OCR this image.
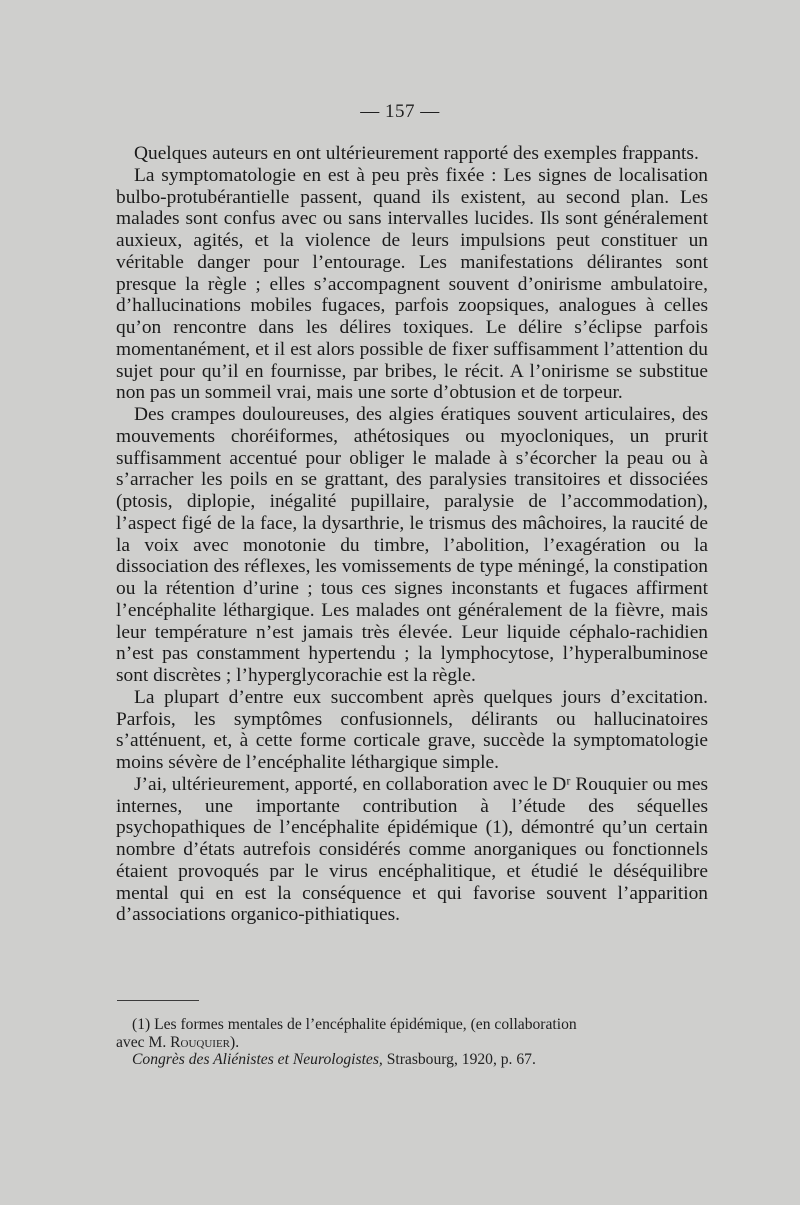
— 157 —

Quelques auteurs en ont ultérieurement rapporté des exemples frappants.

La symptomatologie en est à peu près fixée : Les signes de localisation bulbo-protubérantielle passent, quand ils existent, au second plan. Les malades sont confus avec ou sans intervalles lucides. Ils sont généralement auxieux, agités, et la violence de leurs impulsions peut constituer un véritable danger pour l’entourage. Les manifestations délirantes sont presque la règle ; elles s’accompagnent souvent d’onirisme ambulatoire, d’hallucinations mobiles fugaces, parfois zoopsiques, analogues à celles qu’on rencontre dans les délires toxiques. Le délire s’éclipse parfois momentanément, et il est alors possible de fixer suffisamment l’attention du sujet pour qu’il en fournisse, par bribes, le récit. A l’onirisme se substitue non pas un sommeil vrai, mais une sorte d’obtusion et de torpeur.

Des crampes douloureuses, des algies ératiques souvent articulaires, des mouvements choréiformes, athétosiques ou myocloniques, un prurit suffisamment accentué pour obliger le malade à s’écorcher la peau ou à s’arracher les poils en se grattant, des paralysies transitoires et dissociées (ptosis, diplopie, inégalité pupillaire, paralysie de l’accommodation), l’aspect figé de la face, la dysarthrie, le trismus des mâchoires, la raucité de la voix avec monotonie du timbre, l’abolition, l’exagération ou la dissociation des réflexes, les vomissements de type méningé, la constipation ou la rétention d’urine ; tous ces signes inconstants et fugaces affirment l’encéphalite léthargique. Les malades ont généralement de la fièvre, mais leur température n’est jamais très élevée. Leur liquide céphalo-rachidien n’est pas constamment hypertendu ; la lymphocytose, l’hyperalbuminose sont discrètes ; l’hyperglycorachie est la règle.

La plupart d’entre eux succombent après quelques jours d’excitation. Parfois, les symptômes confusionnels, délirants ou hallucinatoires s’atténuent, et, à cette forme corticale grave, succède la symptomatologie moins sévère de l’encéphalite léthargique simple.

J’ai, ultérieurement, apporté, en collaboration avec le Dʳ Rouquier ou mes internes, une importante contribution à l’étude des séquelles psychopathiques de l’encéphalite épidémique (1), démontré qu’un certain nombre d’états autrefois considérés comme anorganiques ou fonctionnels étaient provoqués par le virus encéphalitique, et étudié le déséquilibre mental qui en est la conséquence et qui favorise souvent l’apparition d’associations organico-pithiatiques.

(1) Les formes mentales de l’encéphalite épidémique, (en collaboration

avec M. Rouquier).

Congrès des Aliénistes et Neurologistes, Strasbourg, 1920, p. 67.
